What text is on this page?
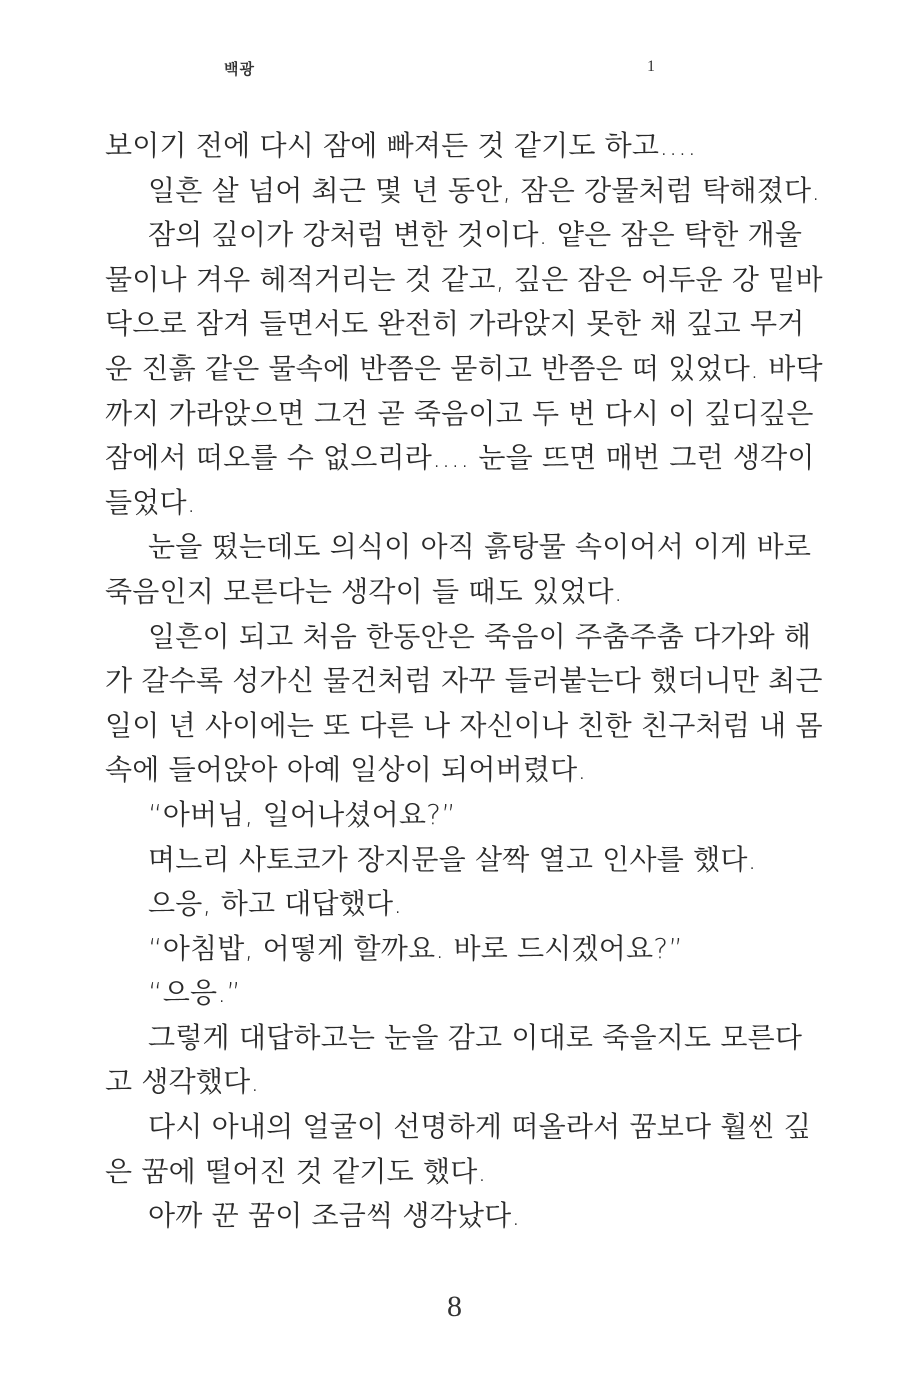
백광	1
보이기 전에 다시 잠에 빠져든 것 같기도 하고….
일흔 살 넘어 최근 몇 년 동안, 잠은 강물처럼 탁해졌다.
잠의 깊이가 강처럼 변한 것이다. 얕은 잠은 탁한 개울
물이나 겨우 헤적거리는 것 같고, 깊은 잠은 어두운 강 밑바
닥으로 잠겨 들면서도 완전히 가라앉지 못한 채 깊고 무거
운 진흙 같은 물속에 반쯤은 묻히고 반쯤은 떠 있었다. 바닥
까지 가라앉으면 그건 곧 죽음이고 두 번 다시 이 깊디깊은
잠에서 떠오를 수 없으리라…. 눈을 뜨면 매번 그런 생각이
들었다.
눈을 떴는데도 의식이 아직 흙탕물 속이어서 이게 바로
죽음인지 모른다는 생각이 들 때도 있었다.
일흔이 되고 처음 한동안은 죽음이 주춤주춤 다가와 해
가 갈수록 성가신 물건처럼 자꾸 들러붙는다 했더니만 최근
일이 년 사이에는 또 다른 나 자신이나 친한 친구처럼 내 몸
속에 들어앉아 아예 일상이 되어버렸다.
“아버님, 일어나셨어요?”
며느리 사토코가 장지문을 살짝 열고 인사를 했다.
으응, 하고 대답했다.
“아침밥, 어떻게 할까요. 바로 드시겠어요?”
“으응.”
그렇게 대답하고는 눈을 감고 이대로 죽을지도 모른다
고 생각했다.
다시 아내의 얼굴이 선명하게 떠올라서 꿈보다 훨씬 깊
은 꿈에 떨어진 것 같기도 했다.
아까 꾼 꿈이 조금씩 생각났다.
8
